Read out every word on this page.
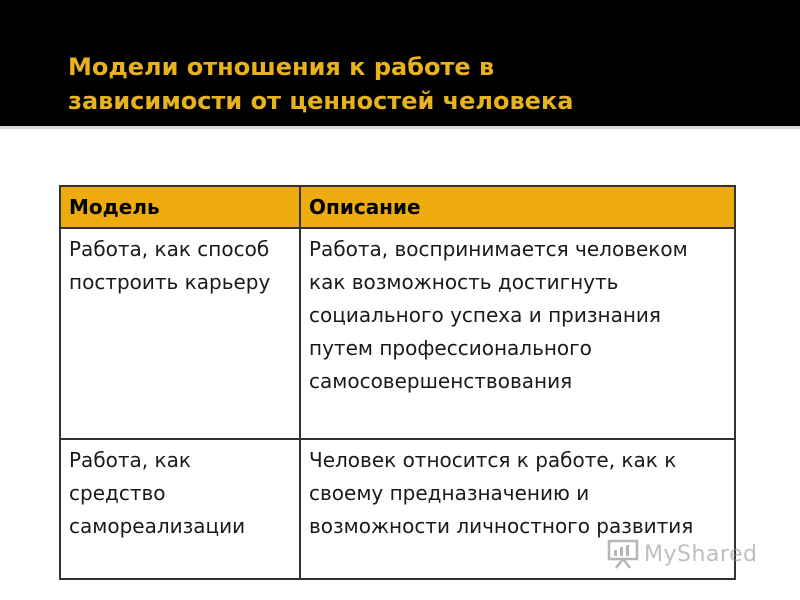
Модели отношения к работе в
зависимости от ценностей человека
Модель	Описание
Работа, как способ построить карьеру	Работа, воспринимается человеком как возможность достигнуть социального успеха и признания путем профессионального самосовершенствования
Работа, как средство самореализации	Человек относится к работе, как к своему предназначению и возможности личностного развития
MyShared
